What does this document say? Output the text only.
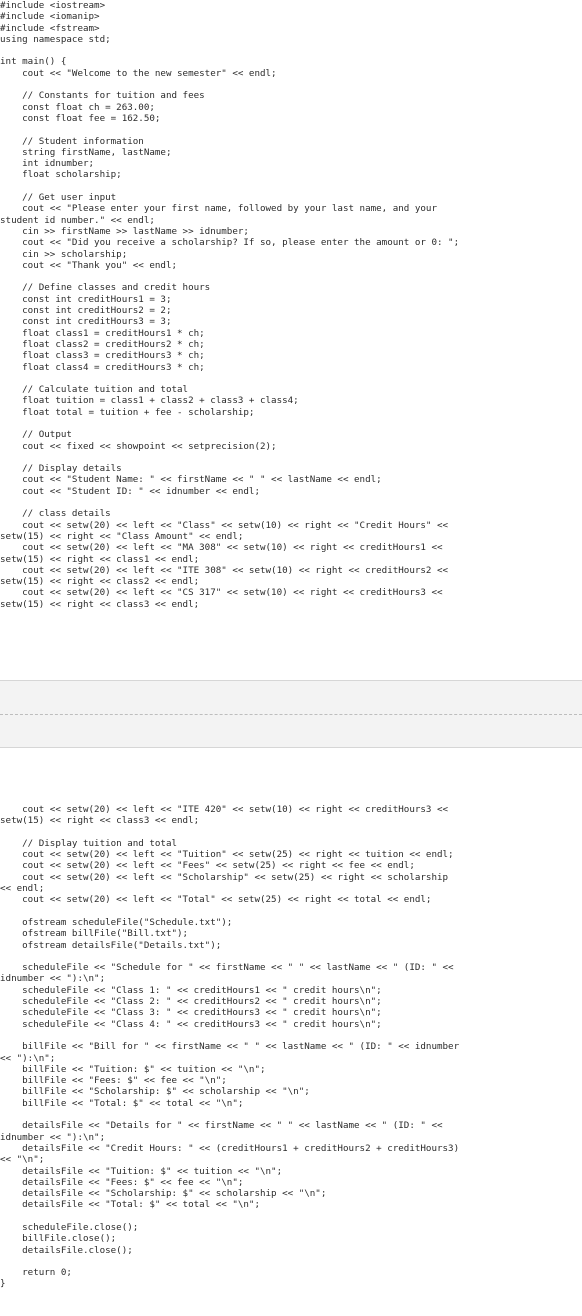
#include <iostream>
#include <iomanip>
#include <fstream>
using namespace std;

int main() {
cout << "Welcome to the new semester" << endl;

// Constants for tuition and fees
const float ch = 263.00;
const float fee = 162.50;

// Student information
string firstName, lastName;
int idnumber;
float scholarship;

// Get user input
cout << "Please enter your first name, followed by your last name, and your
student id number." << endl;
cin >> firstName >> lastName >> idnumber;
cout << "Did you receive a scholarship? If so, please enter the amount or 0: ";
cin >> scholarship;
cout << "Thank you" << endl;

// Define classes and credit hours
const int creditHours1 = 3;
const int creditHours2 = 2;
const int creditHours3 = 3;
float class1 = creditHours1 * ch;
float class2 = creditHours2 * ch;
float class3 = creditHours3 * ch;
float class4 = creditHours3 * ch;

// Calculate tuition and total
float tuition = class1 + class2 + class3 + class4;
float total = tuition + fee - scholarship;

// Output
cout << fixed << showpoint << setprecision(2);

// Display details
cout << "Student Name: " << firstName << " " << lastName << endl;
cout << "Student ID: " << idnumber << endl;

// class details
cout << setw(20) << left << "Class" << setw(10) << right << "Credit Hours" <<
setw(15) << right << "Class Amount" << endl;
cout << setw(20) << left << "MA 308" << setw(10) << right << creditHours1 <<
setw(15) << right << class1 << endl;
cout << setw(20) << left << "ITE 308" << setw(10) << right << creditHours2 <<
setw(15) << right << class2 << endl;
cout << setw(20) << left << "CS 317" << setw(10) << right << creditHours3 <<
setw(15) << right << class3 << endl;
cout << setw(20) << left << "ITE 420" << setw(10) << right << creditHours3 <<
setw(15) << right << class3 << endl;

// Display tuition and total
cout << setw(20) << left << "Tuition" << setw(25) << right << tuition << endl;
cout << setw(20) << left << "Fees" << setw(25) << right << fee << endl;
cout << setw(20) << left << "Scholarship" << setw(25) << right << scholarship
<< endl;
cout << setw(20) << left << "Total" << setw(25) << right << total << endl;

ofstream scheduleFile("Schedule.txt");
ofstream billFile("Bill.txt");
ofstream detailsFile("Details.txt");

scheduleFile << "Schedule for " << firstName << " " << lastName << " (ID: " <<
idnumber << "):\n";
scheduleFile << "Class 1: " << creditHours1 << " credit hours\n";
scheduleFile << "Class 2: " << creditHours2 << " credit hours\n";
scheduleFile << "Class 3: " << creditHours3 << " credit hours\n";
scheduleFile << "Class 4: " << creditHours3 << " credit hours\n";

billFile << "Bill for " << firstName << " " << lastName << " (ID: " << idnumber
<< "):\n";
billFile << "Tuition: $" << tuition << "\n";
billFile << "Fees: $" << fee << "\n";
billFile << "Scholarship: $" << scholarship << "\n";
billFile << "Total: $" << total << "\n";

detailsFile << "Details for " << firstName << " " << lastName << " (ID: " <<
idnumber << "):\n";
detailsFile << "Credit Hours: " << (creditHours1 + creditHours2 + creditHours3)
<< "\n";
detailsFile << "Tuition: $" << tuition << "\n";
detailsFile << "Fees: $" << fee << "\n";
detailsFile << "Scholarship: $" << scholarship << "\n";
detailsFile << "Total: $" << total << "\n";

scheduleFile.close();
billFile.close();
detailsFile.close();

return 0;
}
